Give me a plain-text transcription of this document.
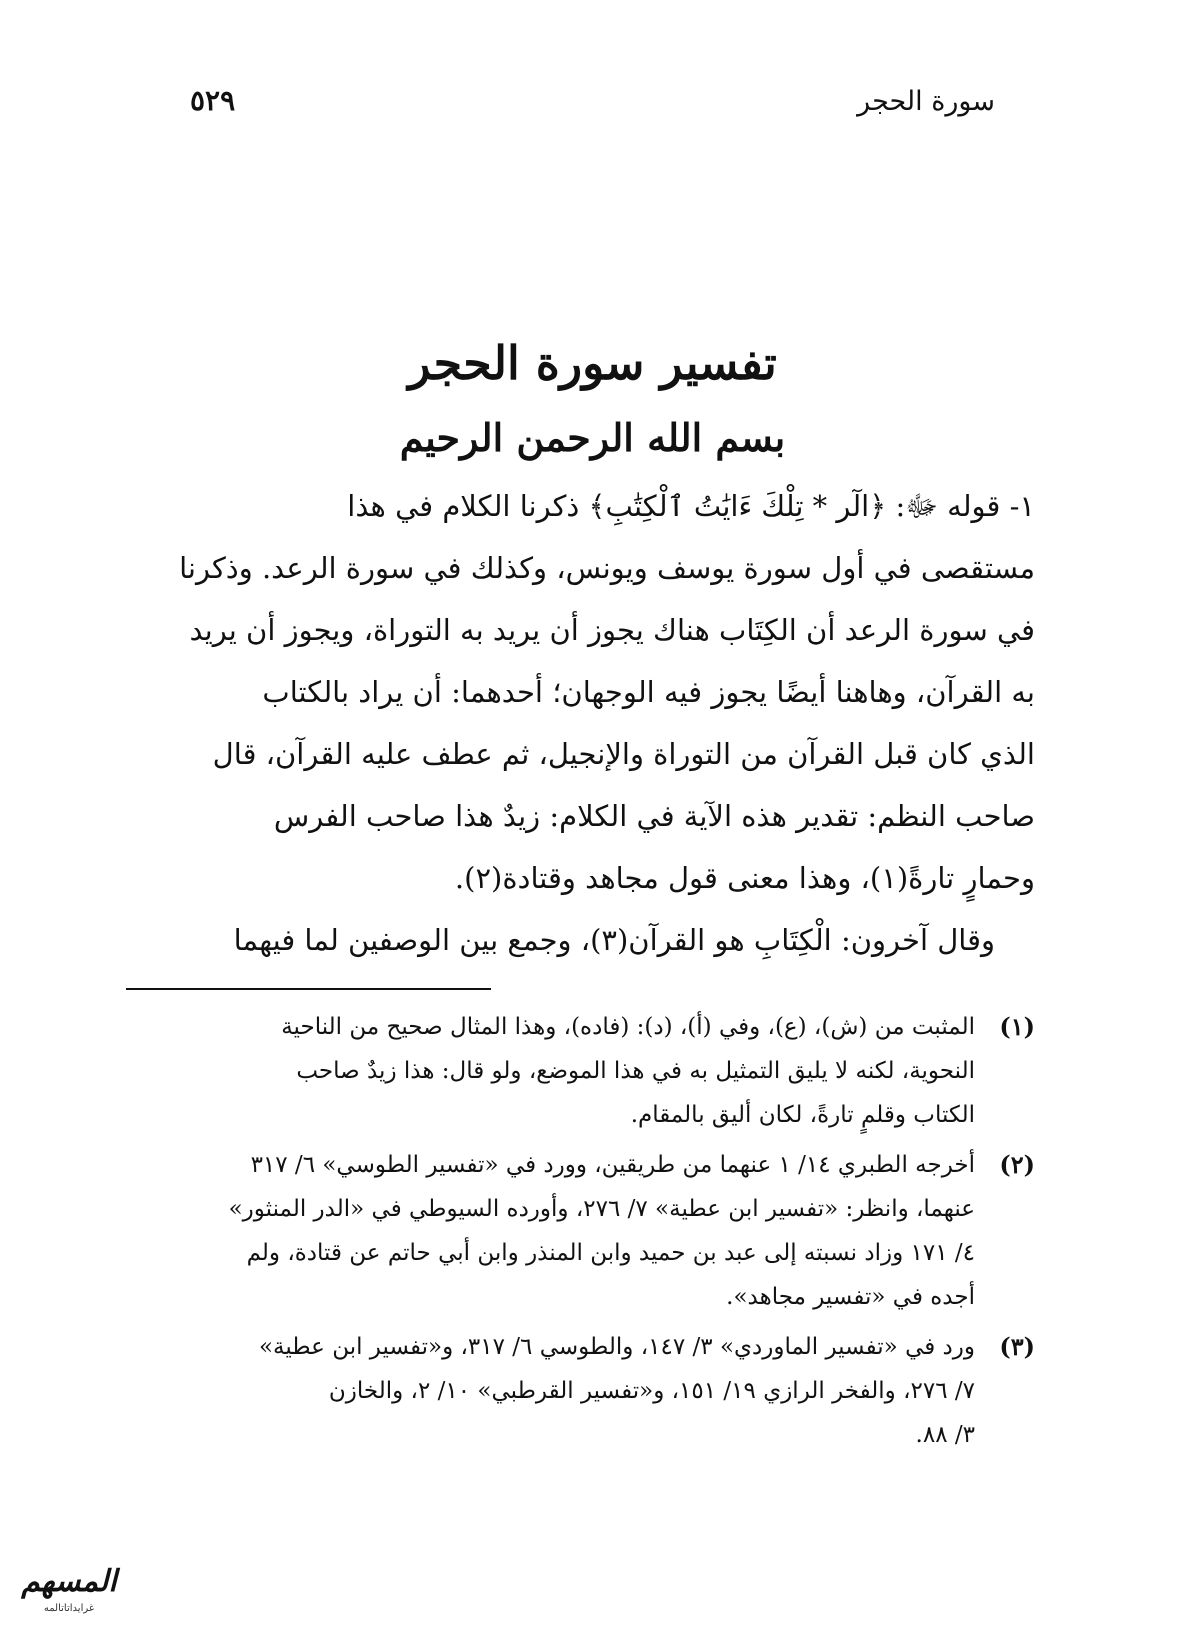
سورة الحجر
٥٢٩
تفسير سورة الحجر
بسم الله الرحمن الرحيم
١- قوله ﷻ: ﴿الٓر * تِلْكَ ءَايَٰتُ ٱلْكِتَٰبِ﴾ ذكرنا الكلام في هذا
مستقصى في أول سورة يوسف ويونس، وكذلك في سورة الرعد. وذكرنا
في سورة الرعد أن الكِتَاب هناك يجوز أن يريد به التوراة، ويجوز أن يريد
به القرآن، وهاهنا أيضًا يجوز فيه الوجهان؛ أحدهما: أن يراد بالكتاب
الذي كان قبل القرآن من التوراة والإنجيل، ثم عطف عليه القرآن، قال
صاحب النظم: تقدير هذه الآية في الكلام: زيدٌ هذا صاحب الفرس
وحمارٍ تارةً(١)، وهذا معنى قول مجاهد وقتادة(٢).
وقال آخرون: الْكِتَابِ هو القرآن(٣)، وجمع بين الوصفين لما فيهما
(١)
المثبت من (ش)، (ع)، وفي (أ)، (د): (فاده)، وهذا المثال صحيح من الناحية
النحوية، لكنه لا يليق التمثيل به في هذا الموضع، ولو قال: هذا زيدٌ صاحب
الكتاب وقلمٍ تارةً، لكان أليق بالمقام.
(٢)
أخرجه الطبري ١٤/ ١ عنهما من طريقين، وورد في «تفسير الطوسي» ٦/ ٣١٧
عنهما، وانظر: «تفسير ابن عطية» ٧/ ٢٧٦، وأورده السيوطي في «الدر المنثور»
٤/ ١٧١ وزاد نسبته إلى عبد بن حميد وابن المنذر وابن أبي حاتم عن قتادة، ولم
أجده في «تفسير مجاهد».
(٣)
ورد في «تفسير الماوردي» ٣/ ١٤٧، والطوسي ٦/ ٣١٧، و«تفسير ابن عطية»
٧/ ٢٧٦، والفخر الرازي ١٩/ ١٥١، و«تفسير القرطبي» ١٠/ ٢، والخازن
٣/ ٨٨.
المسهم
غرايداتاتالمه
